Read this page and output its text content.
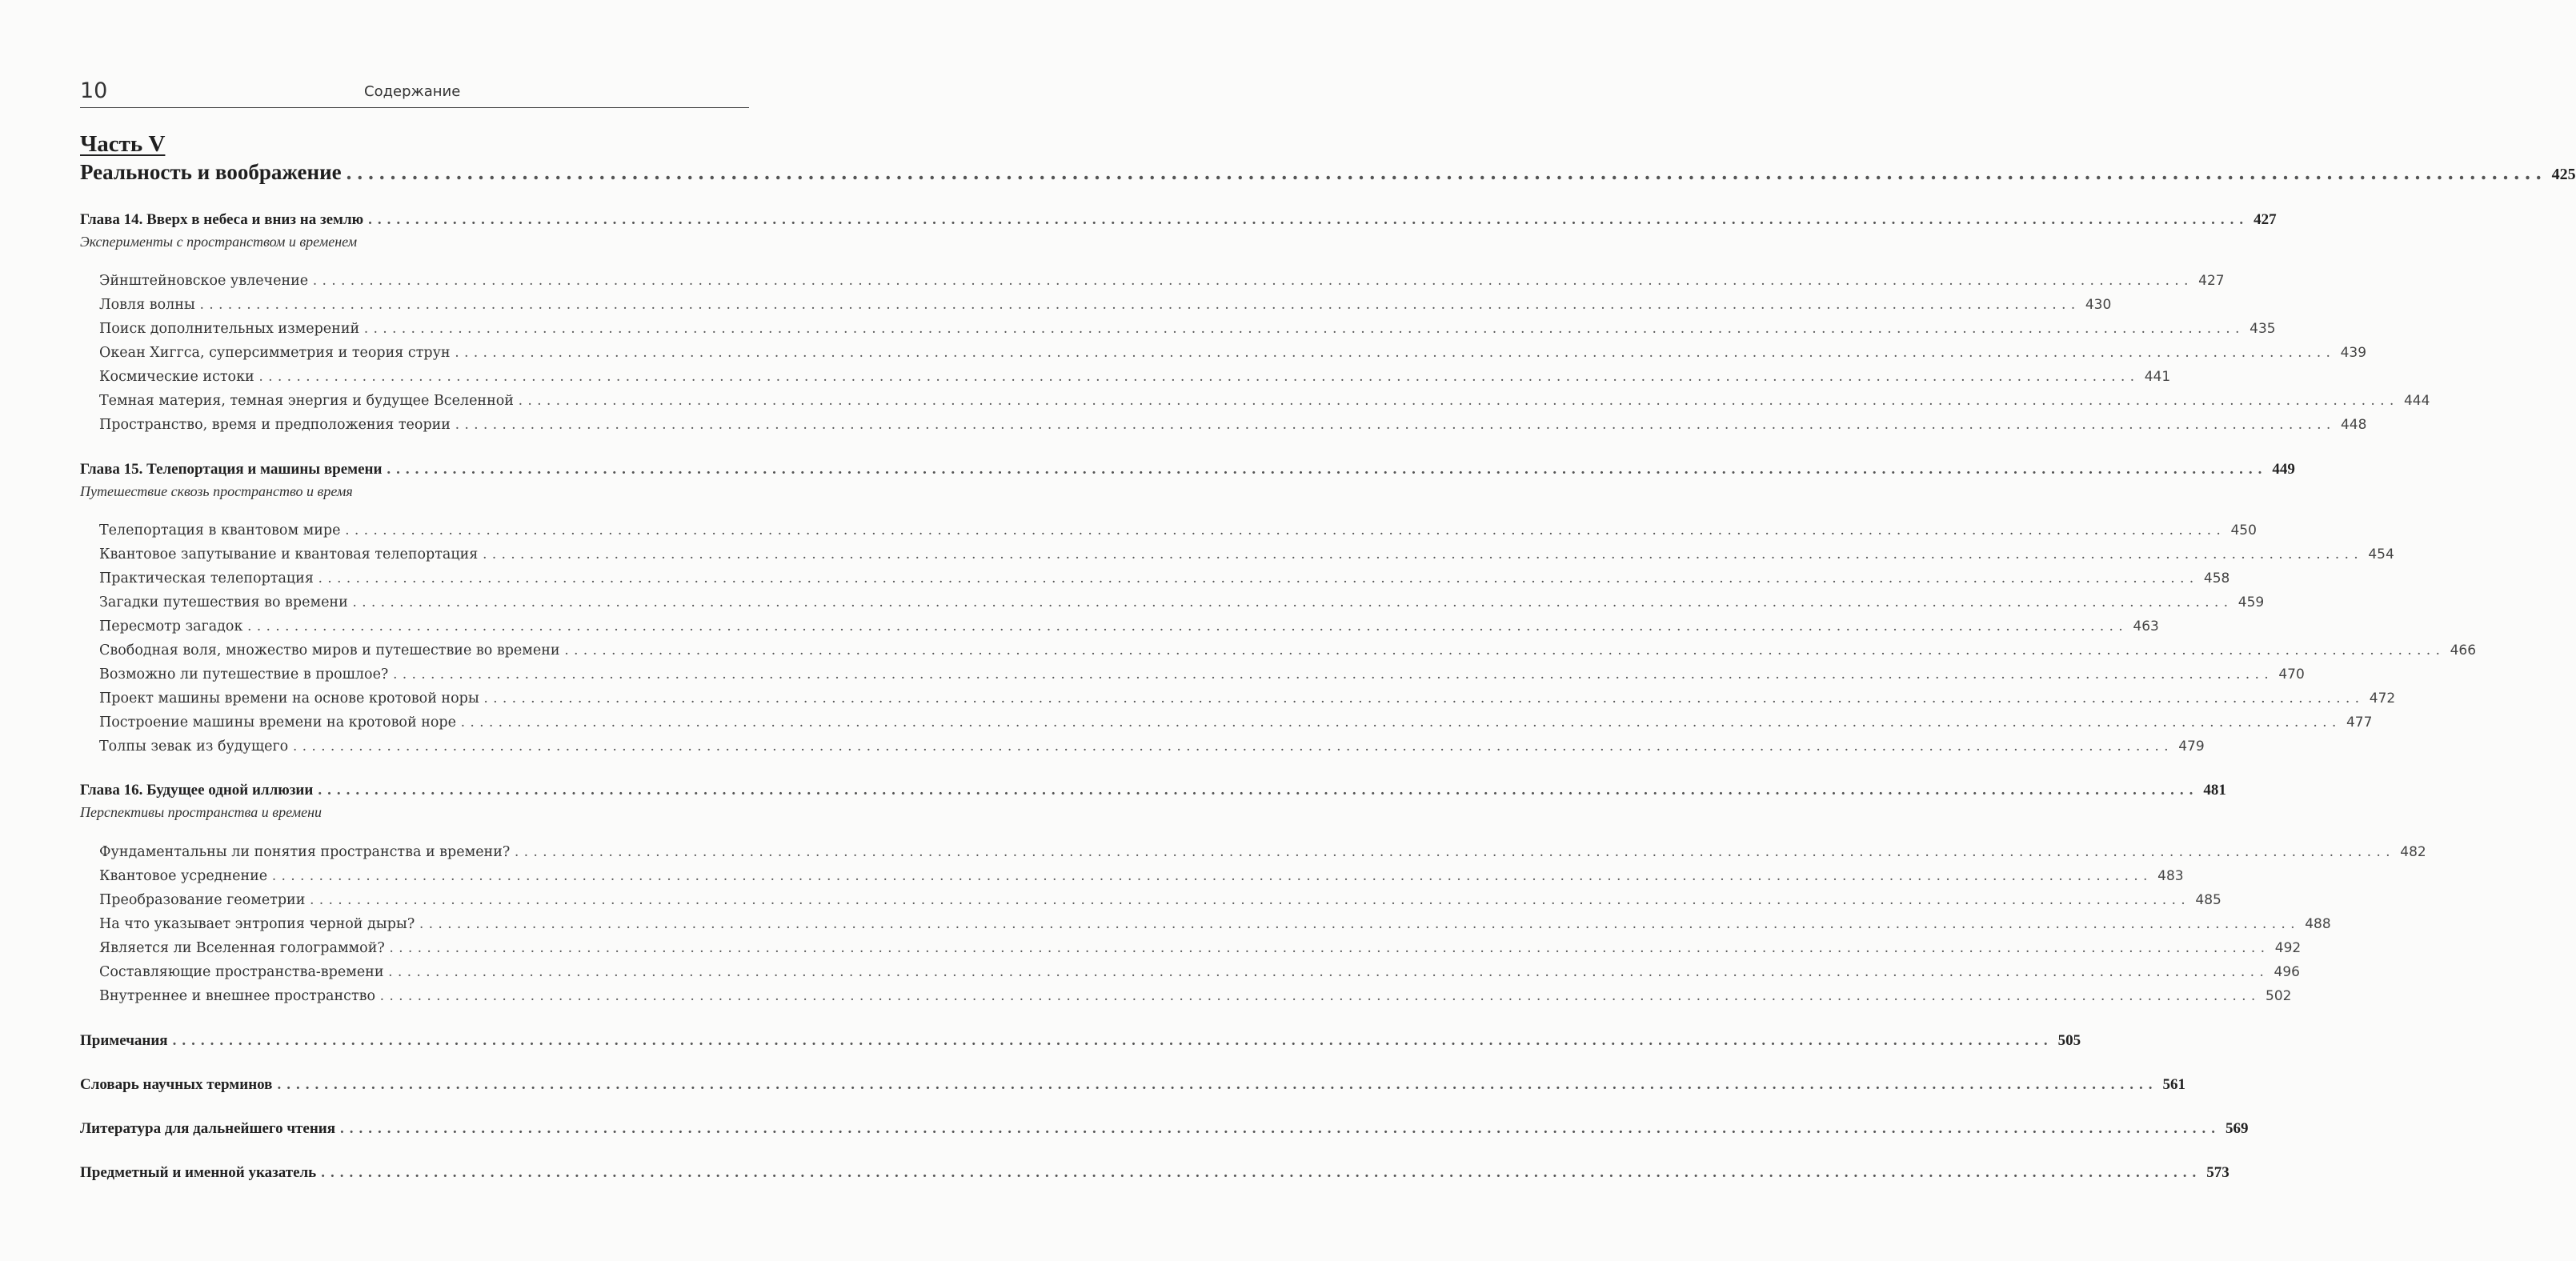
10	Содержание
Часть V
Реальность и воображение ........................................................................................................................................................................................................ 425
Глава 14. Вверх в небеса и вниз на землю ........................................................................................................................................................................................................ 427
Эксперименты с пространством и временем
Эйнштейновское увлечение ........................................................................................................................................................................................................ 427
Ловля волны ........................................................................................................................................................................................................ 430
Поиск дополнительных измерений ........................................................................................................................................................................................................ 435
Океан Хиггса, суперсимметрия и теория струн ........................................................................................................................................................................................................ 439
Космические истоки ........................................................................................................................................................................................................ 441
Темная материя, темная энергия и будущее Вселенной ........................................................................................................................................................................................................ 444
Пространство, время и предположения теории ........................................................................................................................................................................................................ 448
Глава 15. Телепортация и машины времени ........................................................................................................................................................................................................ 449
Путешествие сквозь пространство и время
Телепортация в квантовом мире ........................................................................................................................................................................................................ 450
Квантовое запутывание и квантовая телепортация ........................................................................................................................................................................................................ 454
Практическая телепортация ........................................................................................................................................................................................................ 458
Загадки путешествия во времени ........................................................................................................................................................................................................ 459
Пересмотр загадок ........................................................................................................................................................................................................ 463
Свободная воля, множество миров и путешествие во времени ........................................................................................................................................................................................................ 466
Возможно ли путешествие в прошлое? ........................................................................................................................................................................................................ 470
Проект машины времени на основе кротовой норы ........................................................................................................................................................................................................ 472
Построение машины времени на кротовой норе ........................................................................................................................................................................................................ 477
Толпы зевак из будущего ........................................................................................................................................................................................................ 479
Глава 16. Будущее одной иллюзии ........................................................................................................................................................................................................ 481
Перспективы пространства и времени
Фундаментальны ли понятия пространства и времени? ........................................................................................................................................................................................................ 482
Квантовое усреднение ........................................................................................................................................................................................................ 483
Преобразование геометрии ........................................................................................................................................................................................................ 485
На что указывает энтропия черной дыры? ........................................................................................................................................................................................................ 488
Является ли Вселенная голограммой? ........................................................................................................................................................................................................ 492
Составляющие пространства-времени ........................................................................................................................................................................................................ 496
Внутреннее и внешнее пространство ........................................................................................................................................................................................................ 502
Примечания ........................................................................................................................................................................................................ 505
Словарь научных терминов ........................................................................................................................................................................................................ 561
Литература для дальнейшего чтения ........................................................................................................................................................................................................ 569
Предметный и именной указатель ........................................................................................................................................................................................................ 573
